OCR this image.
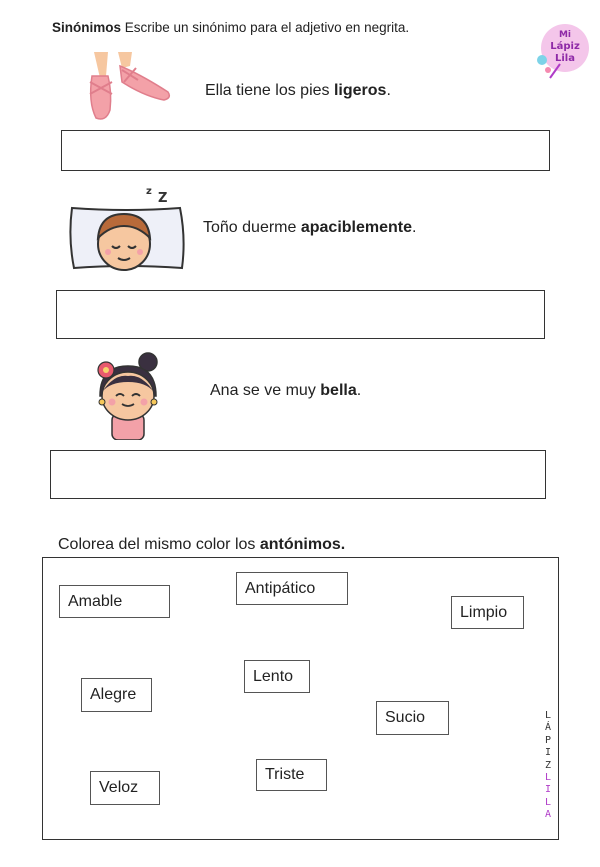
Sinónimos Escribe un sinónimo para el adjetivo en negrita.	Mi
Lápiz
Lila
Ella tiene los pies ligeros.
z Z
Toño duerme apaciblemente.
Ana se ve muy bella.
Colorea del mismo color los antónimos.
Amable
Antipático
Limpio
Lento
Alegre
Sucio
Veloz
Triste
L
Á
P
I
Z
L
I
L
A
